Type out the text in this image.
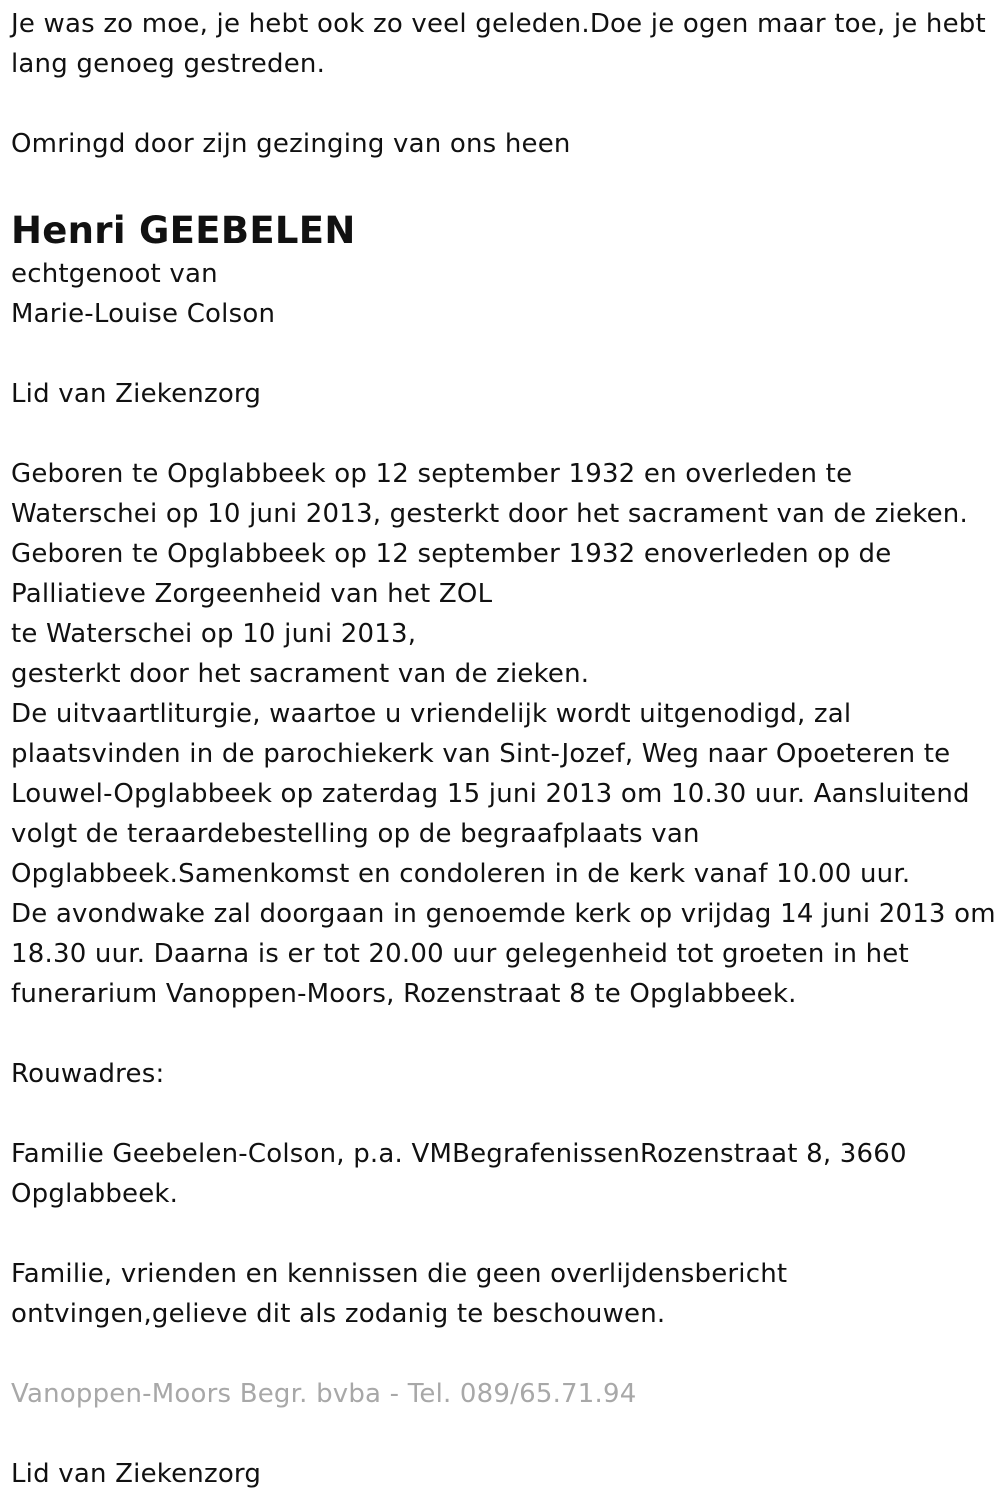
Je was zo moe, je hebt ook zo veel geleden.Doe je ogen maar toe, je hebt
lang genoeg gestreden.

Omringd door zijn gezinging van ons heen

Henri GEEBELEN

echtgenoot van

Marie-Louise Colson

Lid van Ziekenzorg

Geboren te Opglabbeek op 12 september 1932 en overleden te
Waterschei op 10 juni 2013, gesterkt door het sacrament van de zieken.
Geboren te Opglabbeek op 12 september 1932 enoverleden op de
Palliatieve Zorgeenheid van het ZOL
te Waterschei op 10 juni 2013,
gesterkt door het sacrament van de zieken.
De uitvaartliturgie, waartoe u vriendelijk wordt uitgenodigd, zal
plaatsvinden in de parochiekerk van Sint-Jozef, Weg naar Opoeteren te
Louwel-Opglabbeek op zaterdag 15 juni 2013 om 10.30 uur. Aansluitend
volgt de teraardebestelling op de begraafplaats van
Opglabbeek.Samenkomst en condoleren in de kerk vanaf 10.00 uur.
De avondwake zal doorgaan in genoemde kerk op vrijdag 14 juni 2013 om
18.30 uur. Daarna is er tot 20.00 uur gelegenheid tot groeten in het
funerarium Vanoppen-Moors, Rozenstraat 8 te Opglabbeek.

Rouwadres:

Familie Geebelen-Colson, p.a. VMBegrafenissenRozenstraat 8, 3660
Opglabbeek.

Familie, vrienden en kennissen die geen overlijdensbericht
ontvingen,gelieve dit als zodanig te beschouwen.

Vanoppen-Moors Begr. bvba - Tel. 089/65.71.94

Lid van Ziekenzorg
